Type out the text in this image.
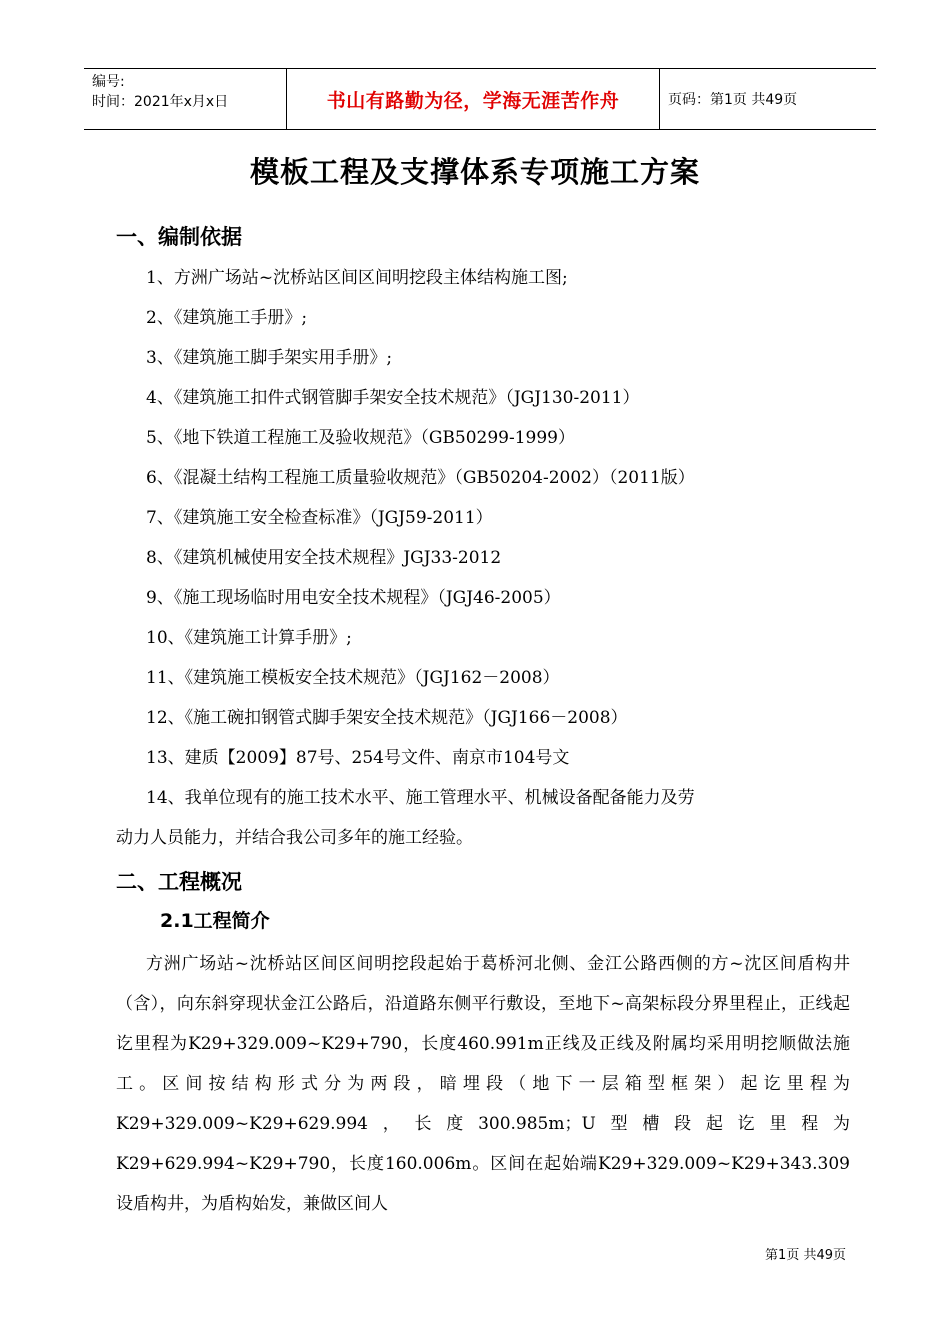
编号:
时间：2021年x月x日	书山有路勤为径，学海无涯苦作舟	页码：第1页 共49页
模板工程及支撑体系专项施工方案
一、编制依据
1、方洲广场站~沈桥站区间区间明挖段主体结构施工图;
2、《建筑施工手册》;
3、《建筑施工脚手架实用手册》;
4、《建筑施工扣件式钢管脚手架安全技术规范》（JGJ130-2011）
5、《地下铁道工程施工及验收规范》（GB50299-1999）
6、《混凝土结构工程施工质量验收规范》（GB50204-2002）（2011版）
7、《建筑施工安全检查标准》（JGJ59-2011）
8、《建筑机械使用安全技术规程》JGJ33-2012
9、《施工现场临时用电安全技术规程》（JGJ46-2005）
10、《建筑施工计算手册》;
11、《建筑施工模板安全技术规范》（JGJ162－2008）
12、《施工碗扣钢管式脚手架安全技术规范》（JGJ166－2008）
13、建质【2009】87号、254号文件、南京市104号文
14、我单位现有的施工技术水平、施工管理水平、机械设备配备能力及劳
动力人员能力，并结合我公司多年的施工经验。
二、工程概况
2.1工程简介

方洲广场站~沈桥站区间区间明挖段起始于葛桥河北侧、金江公路西侧的方~沈区间盾构井（含），向东斜穿现状金江公路后，沿道路东侧平行敷设，至地下~高架标段分界里程止，正线起讫里程为K29+329.009~K29+790，长度460.991m正线及正线及附属均采用明挖顺做法施工。区间按结构形式分为两段，暗埋段（地下一层箱型框架）起讫里程为K29+329.009~K29+629.994，长度300.985m；U型槽段起讫里程为K29+629.994~K29+790，长度160.006m。区间在起始端K29+329.009~K29+343.309设盾构井，为盾构始发，兼做区间人

第1页 共49页
